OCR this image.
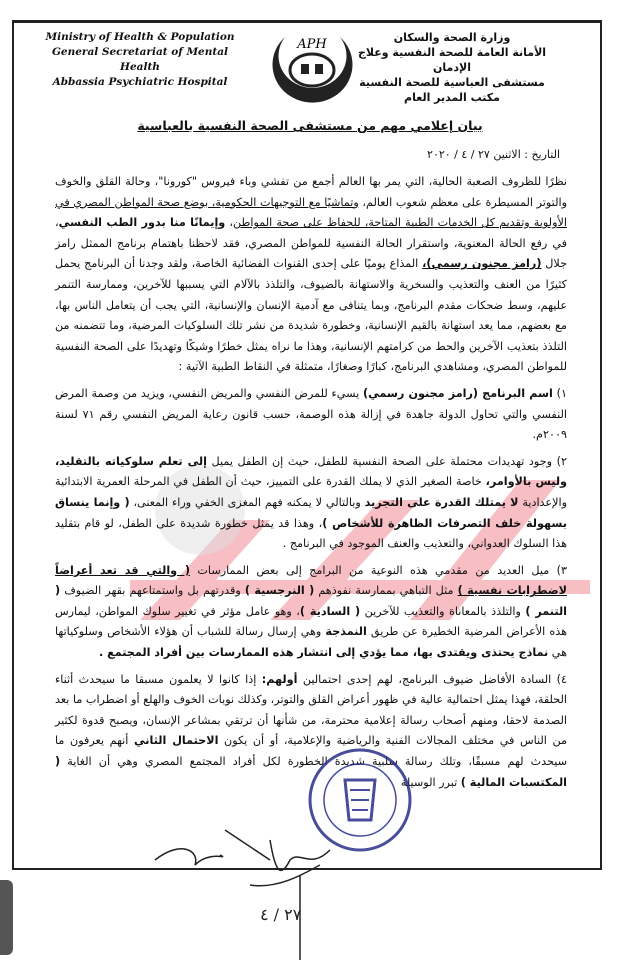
وزارة الصحة والسكان
الأمانة العامة للصحة النفسية وعلاج الإدمان
مستشفى العباسية للصحة النفسية
مكتب المدير العام
Ministry of Health & Population
General Secretariat of Mental Health
Abbassia Psychiatric Hospital
APH
بيان إعلامي مهم من مستشفى الصحة النفسية بالعباسية
التاريخ : الاثنين ٢٧ / ٤ / ٢٠٢٠

نظرًا للظروف الصعبة الحالية، التي يمر بها العالم أجمع من تفشي وباء فيروس "كورونا"، وحالة القلق والخوف والتوتر المسيطرة على معظم شعوب العالم، وتماشيًا مع التوجيهات الحكومية، بوضع صحة المواطن المصري في الأولوية وتقديم كل الخدمات الطبية المتاحة، للحفاظ على صحة المواطن، وإيمانًا منا بدور الطب النفسي، في رفع الحالة المعنوية، واستقرار الحالة النفسية للمواطن المصري، فقد لاحظنا باهتمام برنامج الممثل رامز جلال (رامز مجنون رسمي)، المذاع يوميًا على إحدى القنوات الفضائية الخاصة، ولقد وجدنا أن البرنامج يحمل كثيرًا من العنف والتعذيب والسخرية والاستهانة بالضيوف، والتلذذ بالآلام التي يسببها للآخرين، وممارسة التنمر عليهم، وسط ضحكات مقدم البرنامج، وبما يتنافى مع آدمية الإنسان والإنسانية، التي يجب أن يتعامل الناس بها، مع بعضهم، مما يعد استهانة بالقيم الإنسانية، وخطورة شديدة من نشر تلك السلوكيات المرضية، وما تتضمنه من التلذذ بتعذيب الآخرين والحط من كرامتهم الإنسانية، وهذا ما نراه يمثل خطرًا وشيكًا وتهديدًا على الصحة النفسية للمواطن المصري، ومشاهدي البرنامج، كبارًا وصغارًا، متمثلة في النقاط الطبية الآتية :

١) اسم البرنامج (رامز مجنون رسمي) يسيء للمرض النفسي والمريض النفسي، ويزيد من وصمة المرض النفسي والتي تحاول الدولة جاهدة في إزالة هذه الوصمة، حسب قانون رعاية المريض النفسي رقم ٧١ لسنة ٢٠٠٩م.

٢) وجود تهديدات محتملة على الصحة النفسية للطفل، حيث إن الطفل يميل إلى تعلم سلوكياته بالتقليد، وليس بالأوامر، خاصة الصغير الذي لا يملك القدرة على التمييز، حيث أن الطفل في المرحلة العمرية الابتدائية والإعدادية لا يمتلك القدرة على التجريد وبالتالي لا يمكنه فهم المغزى الخفي وراء المعنى، ( وإنما ينساق بسهولة خلف التصرفات الظاهرة للأشخاص )، وهذا قد يمثل خطورة شديدة على الطفل، لو قام بتقليد هذا السلوك العدواني، والتعذيب والعنف الموجود في البرنامج .

٣) ميل العديد من مقدمي هذه النوعية من البرامج إلى بعض الممارسات ( والتي قد تعد أعراضاً لاضطرابات نفسية ) مثل التباهي بممارسة نفوذهم ( النرجسية ) وقدرتهم بل واستمتاعهم بقهر الضيوف ( التنمر ) والتلذذ بالمعاناة والتعذيب للآخرين ( السادية )، وهو عامل مؤثر في تغيير سلوك المواطن، ليمارس هذه الأعراض المرضية الخطيرة عن طريق النمذجة وهي إرسال رسالة للشباب أن هؤلاء الأشخاص وسلوكياتها هي نماذج يحتذى ويقتدى بها، مما يؤدي إلى انتشار هذه الممارسات بين أفراد المجتمع .

٤) السادة الأفاضل ضيوف البرنامج، لهم إحدى احتمالين أولهم: إذا كانوا لا يعلمون مسبقا ما سيحدث أثناء الحلقة، فهذا يمثل احتمالية عالية في ظهور أعراض القلق والتوتر، وكذلك نوبات الخوف والهلع أو اضطراب ما بعد الصدمة لاحقا، ومنهم أصحاب رسالة إعلامية محترمة، من شأنها أن ترتقي بمشاعر الإنسان، ويصبح قدوة لكثير من الناس في مختلف المجالات الفنية والرياضية والإعلامية، أو أن يكون الاحتمال الثاني أنهم يعرفون ما سيحدث لهم مسبقًا، وتلك رسالة سلبية شديدة الخطورة لكل أفراد المجتمع المصري وهي أن الغاية ( المكتسبات المالية ) تبرر الوسيلة

٢٧ / ٤
